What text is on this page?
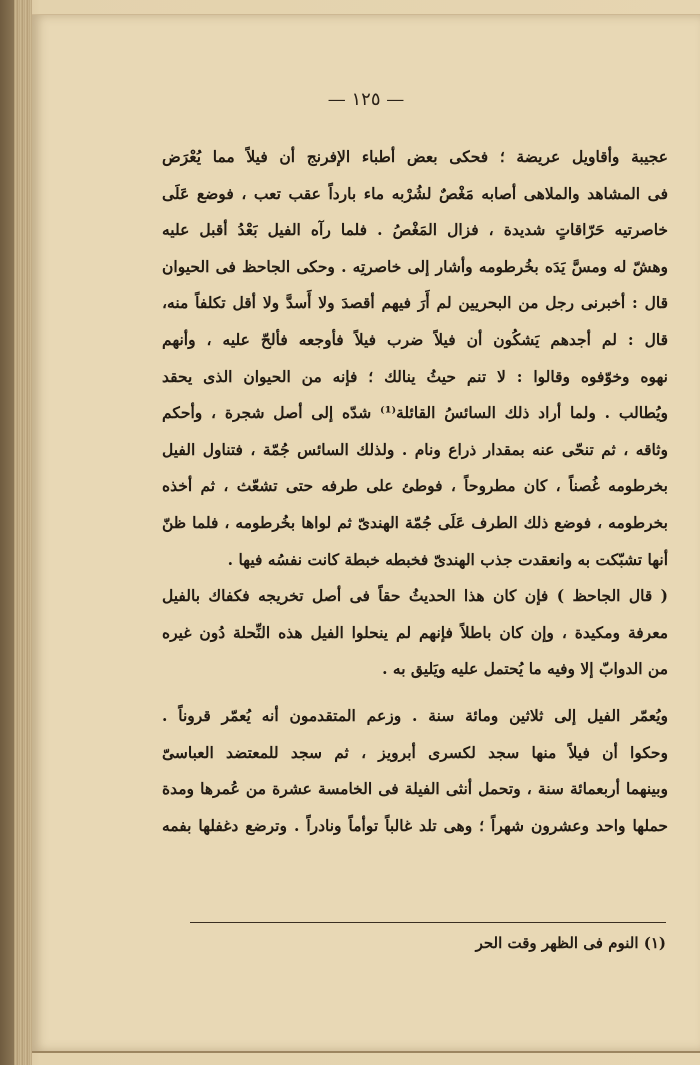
— ١٢٥ —
عجيبة وأقاويل عريضة ؛ فحكى بعض أطباء الإفرنج أن فيلاً مما يُعْرَض
فى المشاهد والملاهى أصابه مَغْصٌ لشُرْبه ماء بارداً عقب تعب ، فوضع عَلَى
خاصرتيه حَرّاقاتٍ شديدة ، فزال المَغْصُ . فلما رآه الفيل بَعْدُ أقبل عليه
وهشّ له ومسَّ يَدَه بخُرطومه وأشار إلى خاصرتِه . وحكى الجاحظ فى الحيوان
قال : أخبرنى رجل من البحريين لم أَرَ فيهم أقصدَ ولا أَسدَّ ولا أقل تكلفاً منه،
قال : لم أجدهم يَشكُون أن فيلاً ضرب فيلاً فأوجعه فألحّ عليه ، وأنهم
نهوه وخوّفوه وقالوا : لا تنم حيثُ ينالك ؛ فإنه من الحيوان الذى يحقد
ويُطالب . ولما أراد ذلك السائسُ القائلة⁽¹⁾ شدّه إلى أصل شجرة ، وأحكم
وثاقه ، ثم تنحّى عنه بمقدار ذراع ونام . ولذلك السائس جُمّة ، فتناول الفيل
بخرطومه غُصناً ، كان مطروحاً ، فوطئ على طرفه حتى تشعّث ، ثم أخذه
بخرطومه ، فوضع ذلك الطرف عَلَى جُمّة الهندىّ ثم لواها بخُرطومه ، فلما ظنّ
أنها تشبّكت به وانعقدت جذب الهندىّ فخبطه خبطة كانت نفسُه فيها .
( قال الجاحظ ) فإن كان هذا الحديثُ حقاً فى أصل تخريجه فكفاك بالفيل
معرفة ومكيدة ، وإن كان باطلاً فإنهم لم ينحلوا الفيل هذه النِّحلة دُون غيره
من الدوابّ إلا وفيه ما يُحتمل عليه ويَليق به .
ويُعمّر الفيل إلى ثلاثين ومائة سنة . وزعم المتقدمون أنه يُعمّر قروناً .
وحكوا أن فيلاً منها سجد لكسرى أبرويز ، ثم سجد للمعتضد العباسىّ
وبينهما أربعمائة سنة ، وتحمل أنثى الفيلة فى الخامسة عشرة من عُمرها ومدة
حملها واحد وعشرون شهراً ؛ وهى تلد غالباً توأماً ونادراً . وترضع دغفلها بفمه
(١) النوم فى الظهر وقت الحر
